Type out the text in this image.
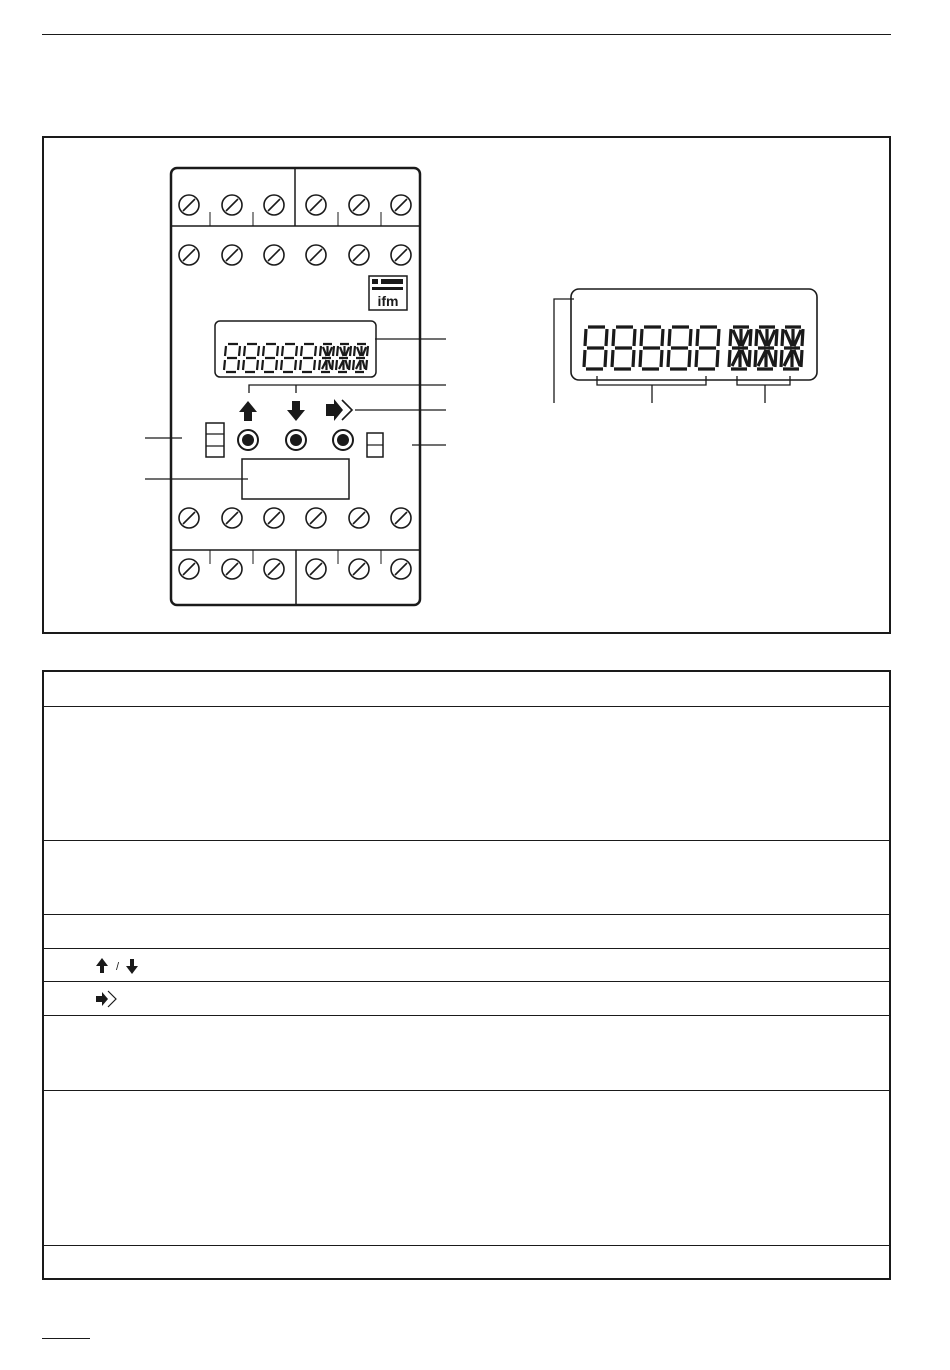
ifm
/
